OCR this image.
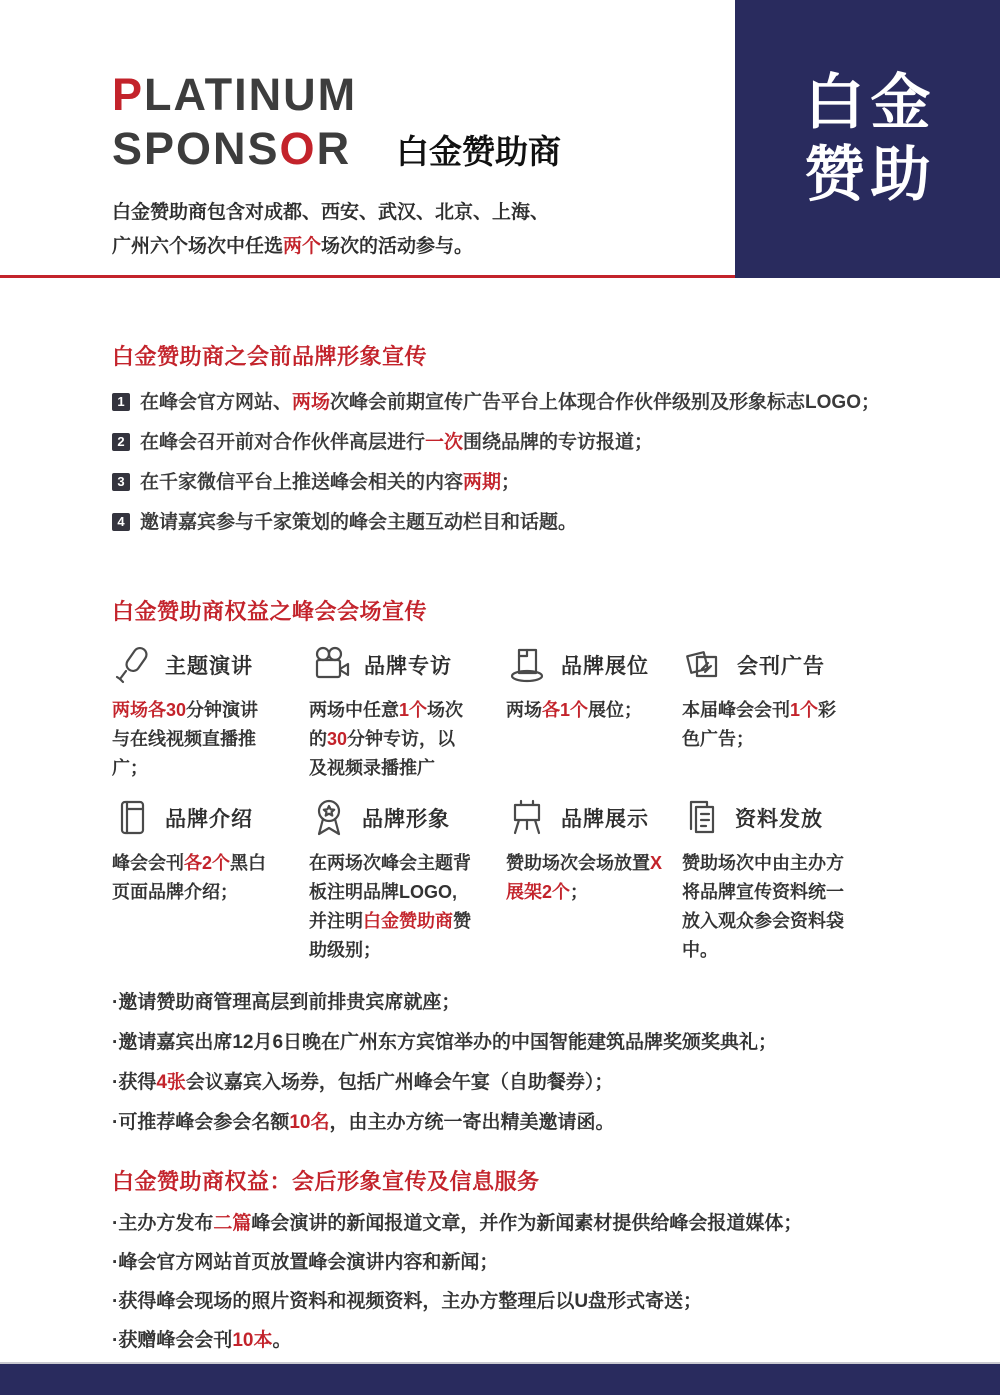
PLATINUM
SPONSOR 白金赞助商
白金赞助商包含对成都、西安、武汉、北京、上海、
广州六个场次中任选两个场次的活动参与。
白金
赞助
白金赞助商之会前品牌形象宣传
1 在峰会官方网站、两场次峰会前期宣传广告平台上体现合作伙伴级别及形象标志LOGO；
2 在峰会召开前对合作伙伴高层进行一次围绕品牌的专访报道；
3 在千家微信平台上推送峰会相关的内容两期；
4 邀请嘉宾参与千家策划的峰会主题互动栏目和话题。
白金赞助商权益之峰会会场宣传
主题演讲
两场各30分钟演讲与在线视频直播推广；
品牌专访
两场中任意1个场次的30分钟专访，以及视频录播推广
品牌展位
两场各1个展位；
会刊广告
本届峰会会刊1个彩色广告；
品牌介绍
峰会会刊各2个黑白页面品牌介绍；
品牌形象
在两场次峰会主题背板注明品牌LOGO,并注明白金赞助商赞助级别；
品牌展示
赞助场次会场放置X展架2个；
资料发放
赞助场次中由主办方将品牌宣传资料统一放入观众参会资料袋中。
·邀请赞助商管理高层到前排贵宾席就座；
·邀请嘉宾出席12月6日晚在广州东方宾馆举办的中国智能建筑品牌奖颁奖典礼；
·获得4张会议嘉宾入场券，包括广州峰会午宴（自助餐券）；
·可推荐峰会参会名额10名，由主办方统一寄出精美邀请函。
白金赞助商权益：会后形象宣传及信息服务
·主办方发布二篇峰会演讲的新闻报道文章，并作为新闻素材提供给峰会报道媒体；
·峰会官方网站首页放置峰会演讲内容和新闻；
·获得峰会现场的照片资料和视频资料，主办方整理后以U盘形式寄送；
·获赠峰会会刊10本。
